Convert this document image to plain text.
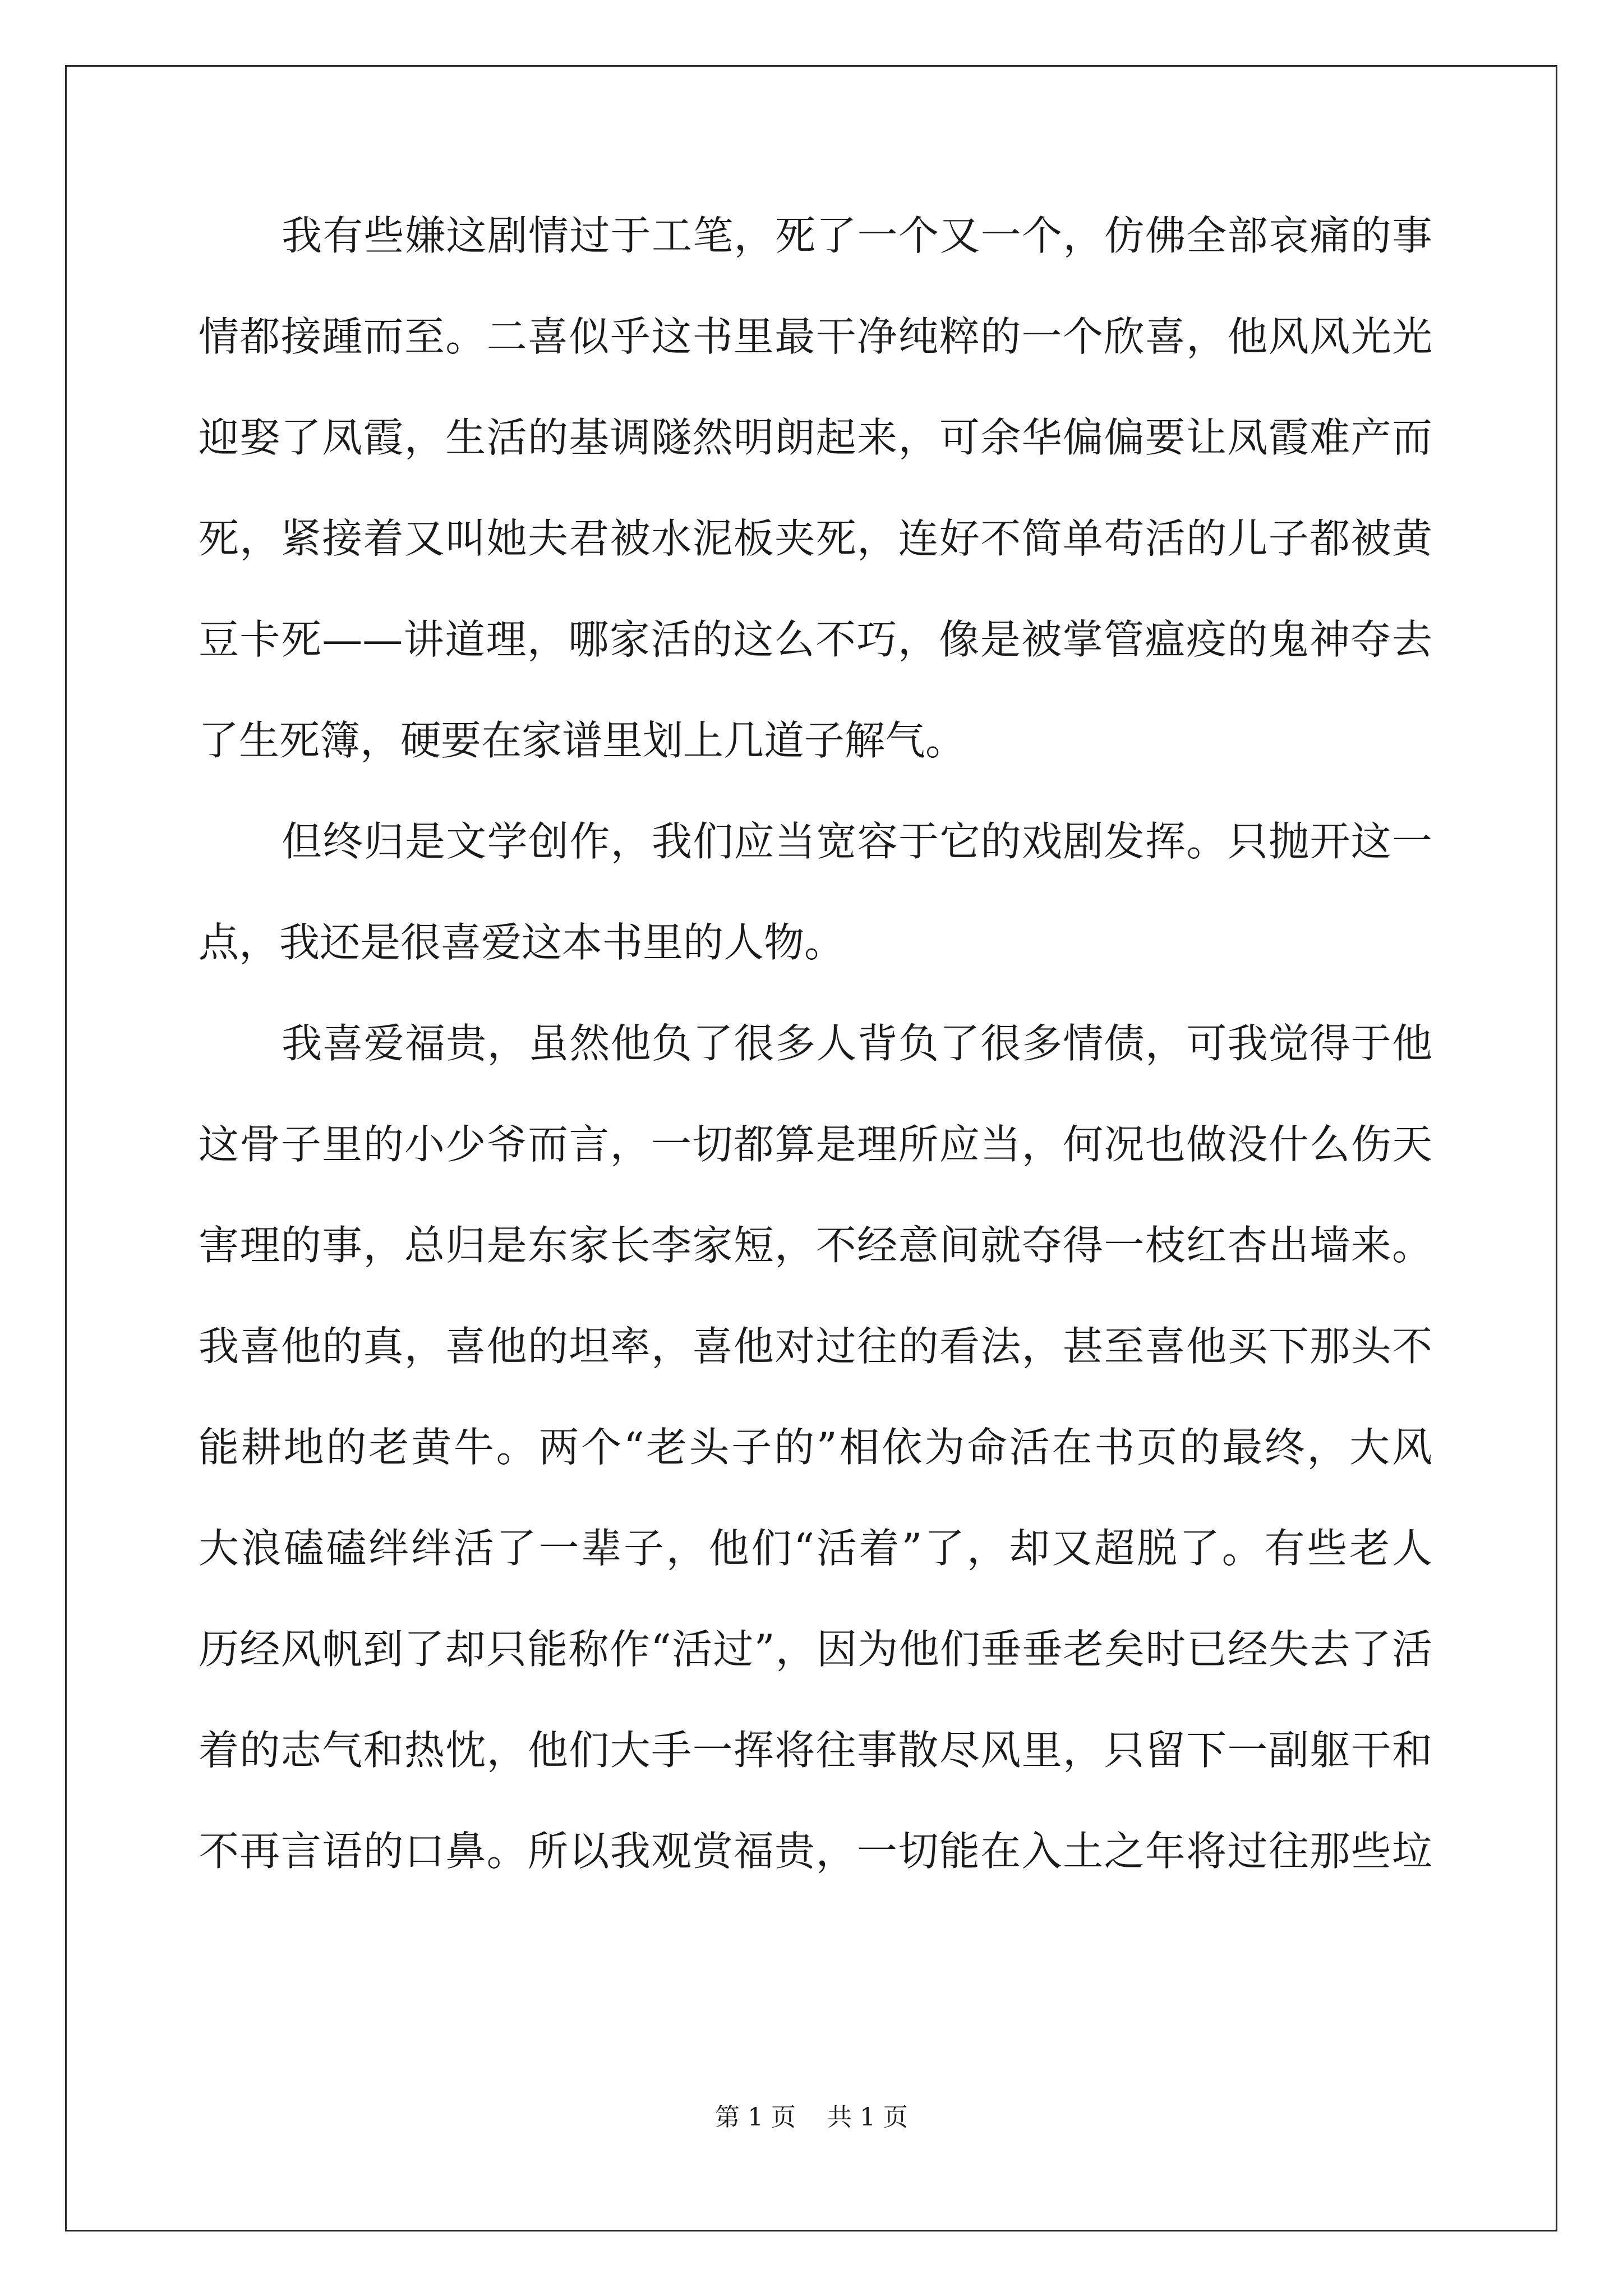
我有些嫌这剧情过于工笔，死了一个又一个，仿佛全部哀痛的事
情都接踵而至。二喜似乎这书里最干净纯粹的一个欣喜，他风风光光
迎娶了凤霞，生活的基调隧然明朗起来，可余华偏偏要让凤霞难产而
死，紧接着又叫她夫君被水泥板夹死，连好不简单苟活的儿子都被黄
豆卡死——讲道理，哪家活的这么不巧，像是被掌管瘟疫的鬼神夺去
了生死簿，硬要在家谱里划上几道子解气。
但终归是文学创作，我们应当宽容于它的戏剧发挥。只抛开这一
点，我还是很喜爱这本书里的人物。
我喜爱福贵，虽然他负了很多人背负了很多情债，可我觉得于他
这骨子里的小少爷而言，一切都算是理所应当，何况也做没什么伤天
害理的事，总归是东家长李家短，不经意间就夺得一枝红杏出墙来。
我喜他的真，喜他的坦率，喜他对过往的看法，甚至喜他买下那头不
能耕地的老黄牛。两个“老头子的”相依为命活在书页的最终，大风
大浪磕磕绊绊活了一辈子，他们“活着”了，却又超脱了。有些老人
历经风帆到了却只能称作“活过”，因为他们垂垂老矣时已经失去了活
着的志气和热忱，他们大手一挥将往事散尽风里，只留下一副躯干和
不再言语的口鼻。所以我观赏福贵，一切能在入土之年将过往那些垃
第 1 页    共 1 页
